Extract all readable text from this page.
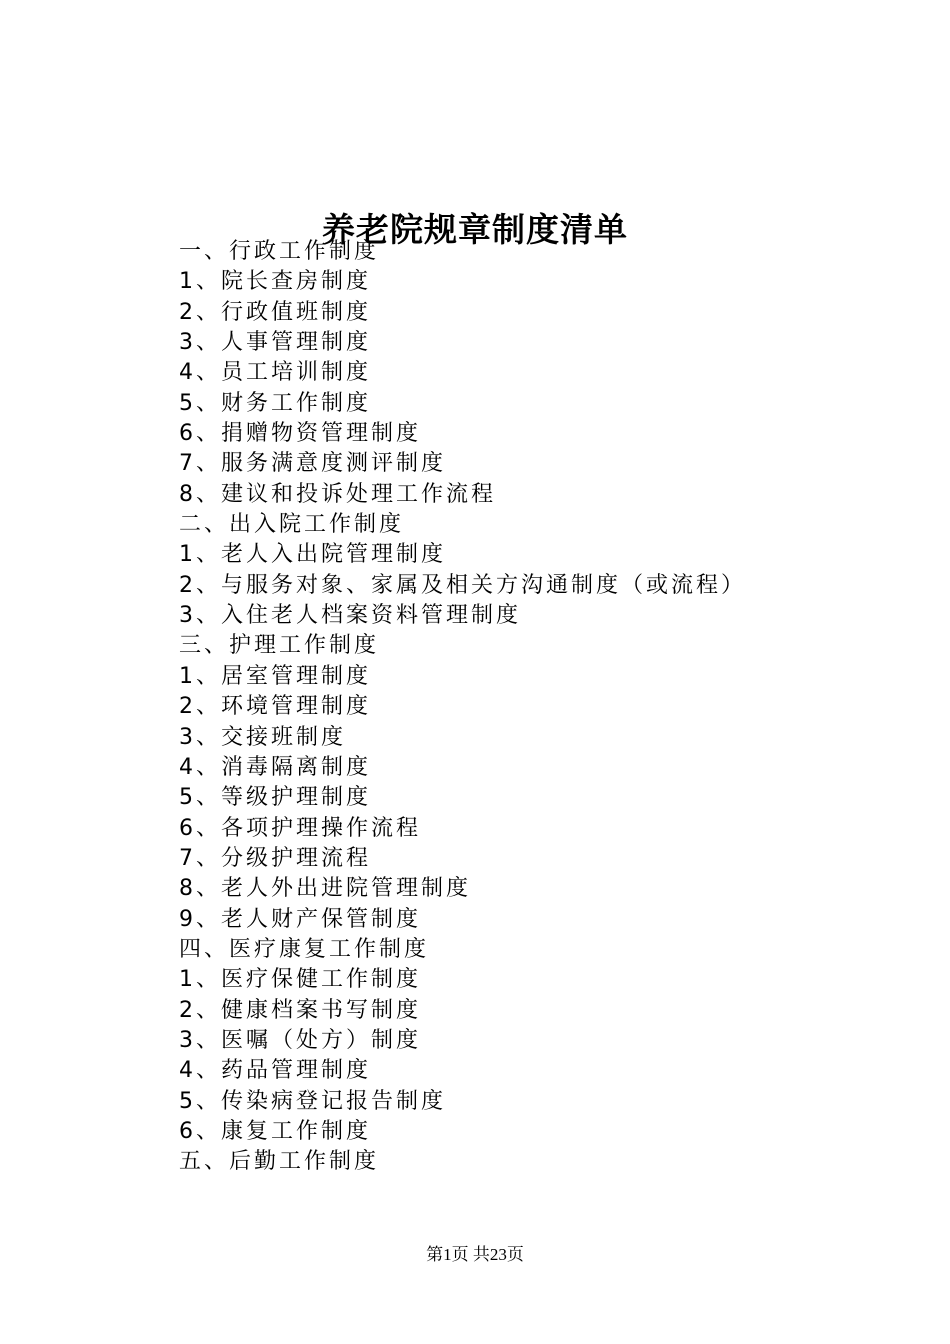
养老院规章制度清单
一、行政工作制度
1、院长查房制度
2、行政值班制度
3、人事管理制度
4、员工培训制度
5、财务工作制度
6、捐赠物资管理制度
7、服务满意度测评制度
8、建议和投诉处理工作流程
二、出入院工作制度
1、老人入出院管理制度
2、与服务对象、家属及相关方沟通制度（或流程）
3、入住老人档案资料管理制度
三、护理工作制度
1、居室管理制度
2、环境管理制度
3、交接班制度
4、消毒隔离制度
5、等级护理制度
6、各项护理操作流程
7、分级护理流程
8、老人外出进院管理制度
9、老人财产保管制度
四、医疗康复工作制度
1、医疗保健工作制度
2、健康档案书写制度
3、医嘱（处方）制度
4、药品管理制度
5、传染病登记报告制度
6、康复工作制度
五、后勤工作制度
第1页 共23页
